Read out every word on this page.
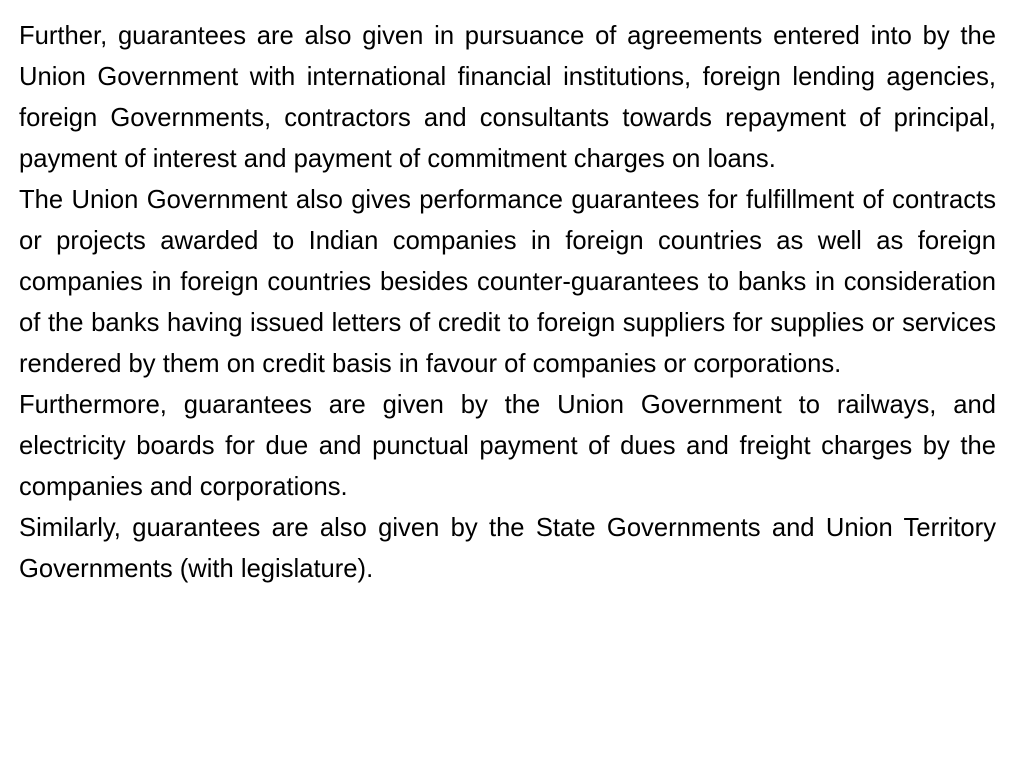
Further, guarantees are also given in pursuance of agreements entered into by the Union Government with international financial institutions, foreign lending agencies, foreign Governments, contractors and consultants towards repayment of principal, payment of interest and payment of commitment charges on loans.

The Union Government also gives performance guarantees for fulfillment of contracts or projects awarded to Indian companies in foreign countries as well as foreign companies in foreign countries besides counter-guarantees to banks in consideration of the banks having issued letters of credit to foreign suppliers for supplies or services rendered by them on credit basis in favour of companies or corporations.

Furthermore, guarantees are given by the Union Government to railways, and electricity boards for due and punctual payment of dues and freight charges by the companies and corporations.

Similarly, guarantees are also given by the State Governments and Union Territory Governments (with legislature).
